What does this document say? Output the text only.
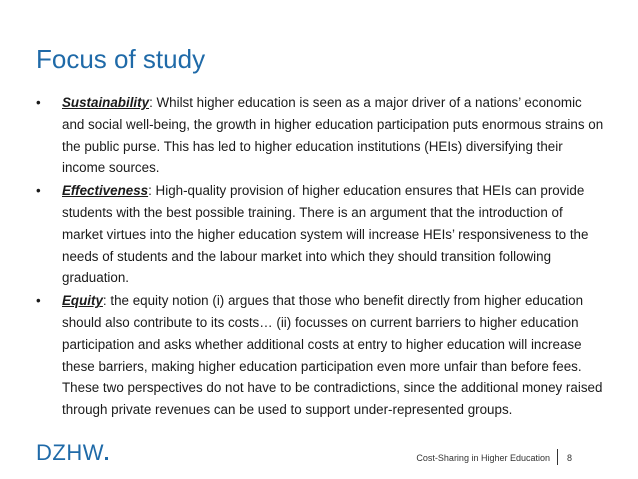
Focus of study
• Sustainability: Whilst higher education is seen as a major driver of a nations’ economic and social well-being, the growth in higher education participation puts enormous strains on the public purse. This has led to higher education institutions (HEIs) diversifying their income sources.
• Effectiveness: High-quality provision of higher education ensures that HEIs can provide students with the best possible training. There is an argument that the introduction of market virtues into the higher education system will increase HEIs’ responsiveness to the needs of students and the labour market into which they should transition following graduation.
• Equity: the equity notion (i) argues that those who benefit directly from higher education should also contribute to its costs… (ii) focusses on current barriers to higher education participation and asks whether additional costs at entry to higher education will increase these barriers, making higher education participation even more unfair than before fees. These two perspectives do not have to be contradictions, since the additional money raised through private revenues can be used to support under-represented groups.
DZHW	Cost-Sharing in Higher Education 8
